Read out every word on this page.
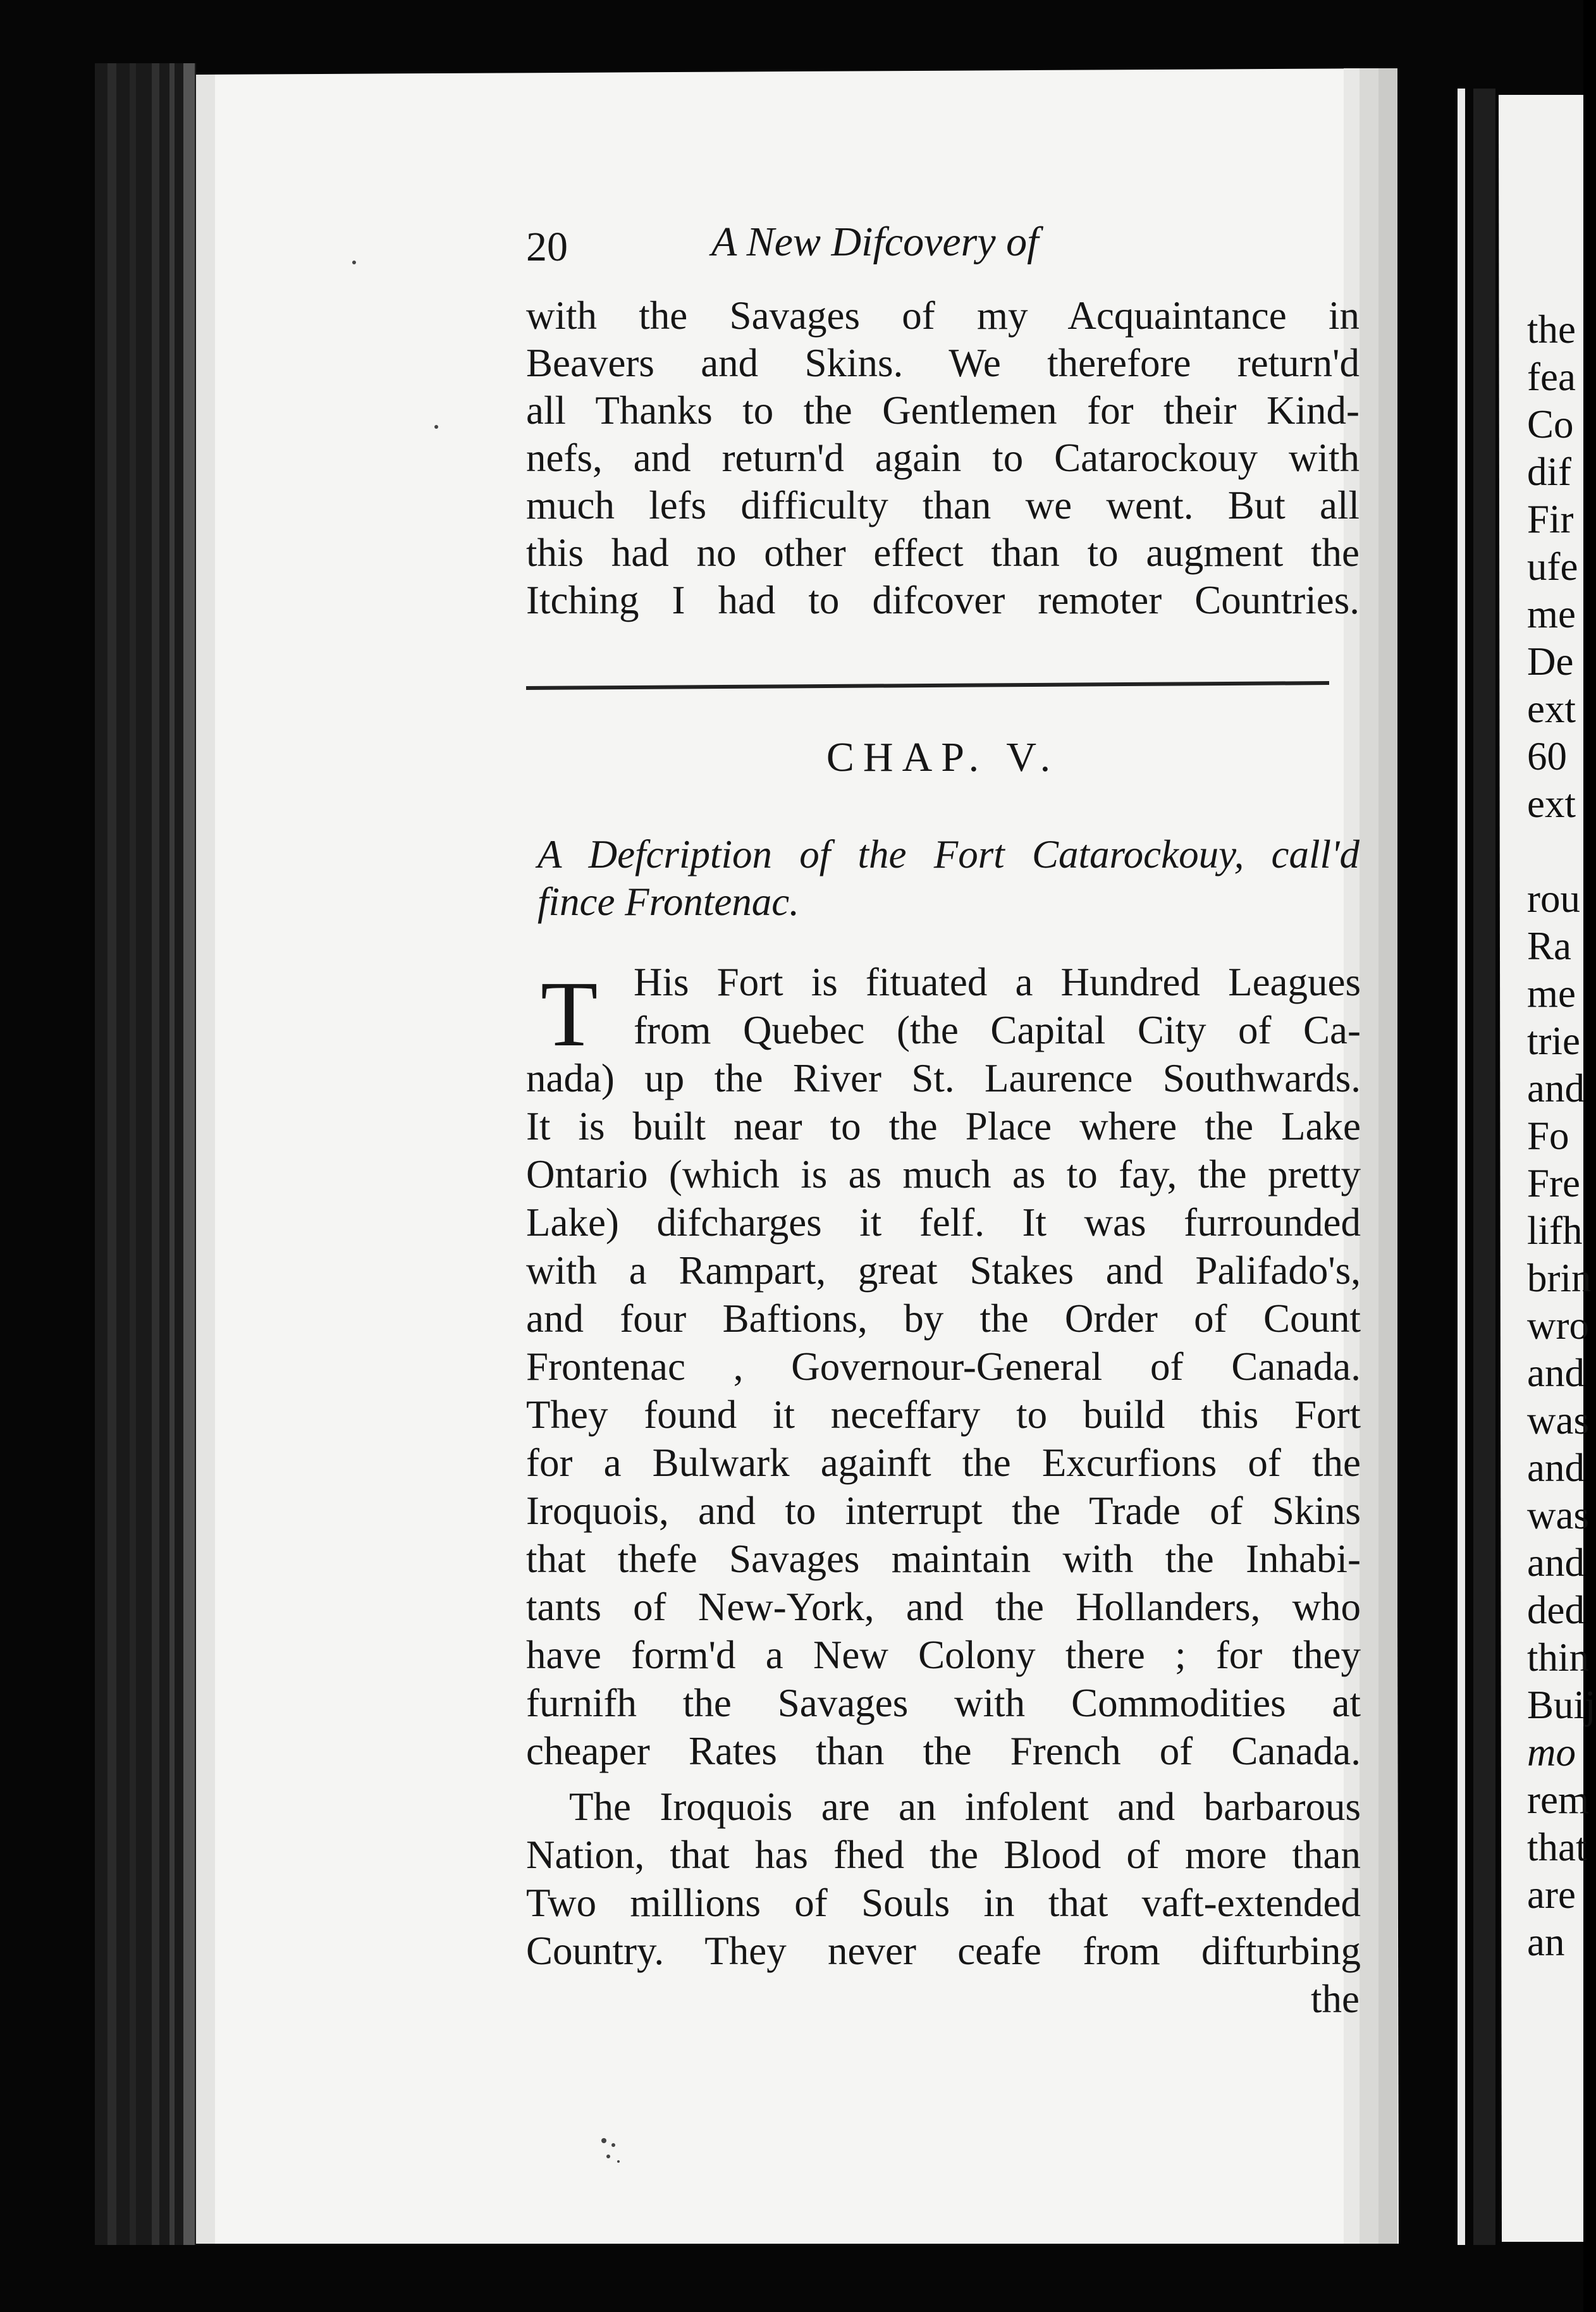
20	A New Difcovery of
with the Savages of my Acquaintance in
Beavers and Skins. We therefore return'd
all Thanks to the Gentlemen for their Kind-
nefs, and return'd again to Catarockouy with
much lefs difficulty than we went. But all
this had no other effect than to augment the
Itching I had to difcover remoter Countries.
CHAP. V.
A Defcription of the Fort Catarockouy, call'd
fince Frontenac.
T His Fort is fituated a Hundred Leagues
from Quebec (the Capital City of Ca-
nada) up the River St. Laurence Southwards.
It is built near to the Place where the Lake
Ontario (which is as much as to fay, the pretty
Lake) difcharges it felf. It was furrounded
with a Rampart, great Stakes and Palifado's,
and four Baftions, by the Order of Count
Frontenac , Governour-General of Canada.
They found it neceffary to build this Fort
for a Bulwark againft the Excurfions of the
Iroquois, and to interrupt the Trade of Skins
that thefe Savages maintain with the Inhabi-
tants of New-York, and the Hollanders, who
have form'd a New Colony there ; for they
furnifh the Savages with Commodities at
cheaper Rates than the French of Canada.
The Iroquois are an infolent and barbarous
Nation, that has fhed the Blood of more than
Two millions of Souls in that vaft-extended
Country. They never ceafe from difturbing
the
the
fea
Co
dif
Fir
ufe
me
De
ext
60
ext
rou
Ra
me
trie
and
Fo
Fre
lifh
brin
wro
and
was
and
was
and
ded
thin
Buij
mo
rem
that
are
an
